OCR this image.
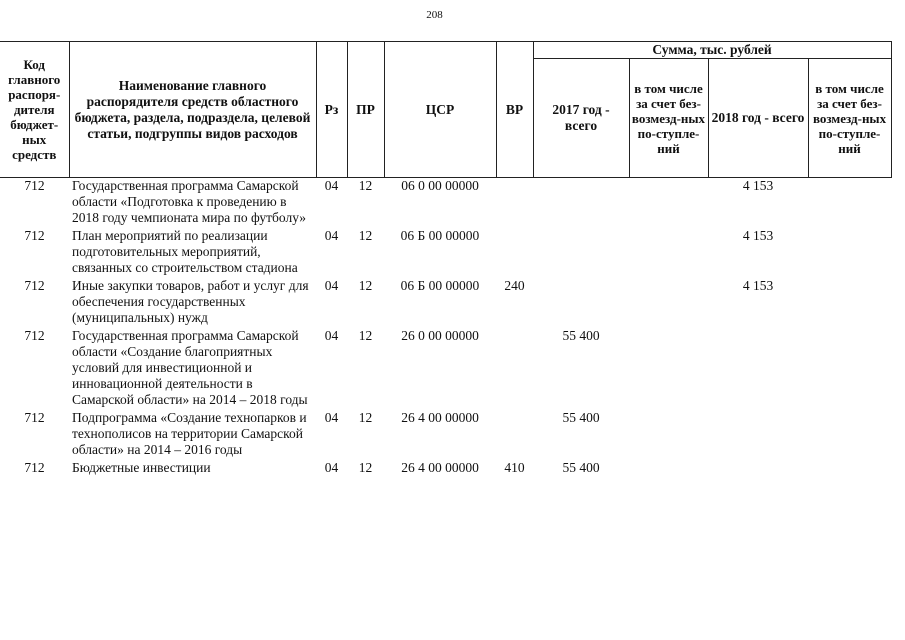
208
Код главного распоря-дителя бюджет-ных средств	Наименование главного распорядителя средств областного бюджета, раздела, подраздела, целевой статьи, подгруппы видов расходов	Рз	ПР	ЦСР	ВР	Сумма, тыс. рублей			
						2017 год - всего	в том числе за счет без-возмезд-ных по-ступле-ний	2018 год - всего	в том числе за счет без-возмезд-ных по-ступле-ний
712	Государственная программа Самарской области «Подготовка к проведению в 2018 году чемпионата мира по футболу»	04	12	06 0 00 00000				4 153	
712	План мероприятий по реализации подготовительных мероприятий, связанных со строительством стадиона	04	12	06 Б 00 00000				4 153	
712	Иные закупки товаров, работ и услуг для обеспечения государственных (муниципальных) нужд	04	12	06 Б 00 00000	240			4 153	
712	Государственная программа Самарской области «Создание благоприятных условий для инвестиционной и инновационной деятельности в Самарской области» на 2014 – 2018 годы	04	12	26 0 00 00000		55 400			
712	Подпрограмма «Создание технопарков и технополисов на территории Самарской области» на 2014 – 2016 годы	04	12	26 4 00 00000		55 400			
712	Бюджетные инвестиции	04	12	26 4 00 00000	410	55 400			
